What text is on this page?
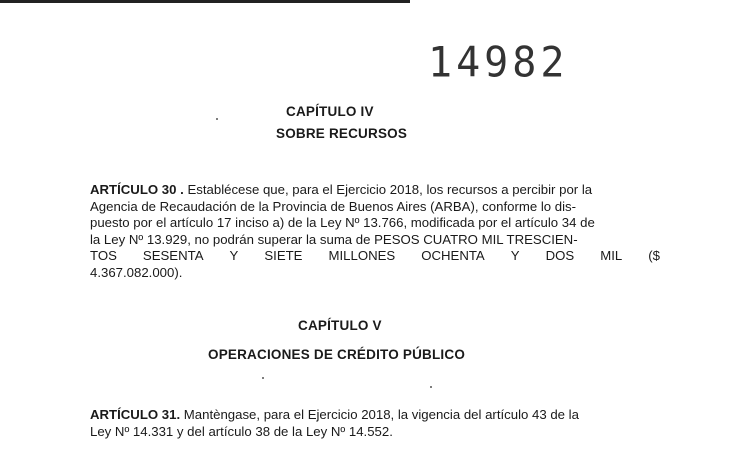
14982
CAPÍTULO IV
SOBRE RECURSOS
ARTÍCULO 30 . Establécese que, para el Ejercicio 2018, los recursos a percibir por la
Agencia de Recaudación de la Provincia de Buenos Aires (ARBA), conforme lo dis-
puesto por el artículo 17 inciso a) de la Ley Nº 13.766, modificada por el artículo 34 de
la Ley Nº 13.929, no podrán superar la suma de PESOS CUATRO MIL TRESCIEN-
TOS SESENTA Y SIETE MILLONES OCHENTA Y DOS MIL ($
4.367.082.000).
CAPÍTULO V
OPERACIONES DE CRÉDITO PÚBLICO
ARTÍCULO 31. Mantèngase, para el Ejercicio 2018, la vigencia del artículo 43 de la
Ley Nº 14.331 y del artículo 38 de la Ley Nº 14.552.
